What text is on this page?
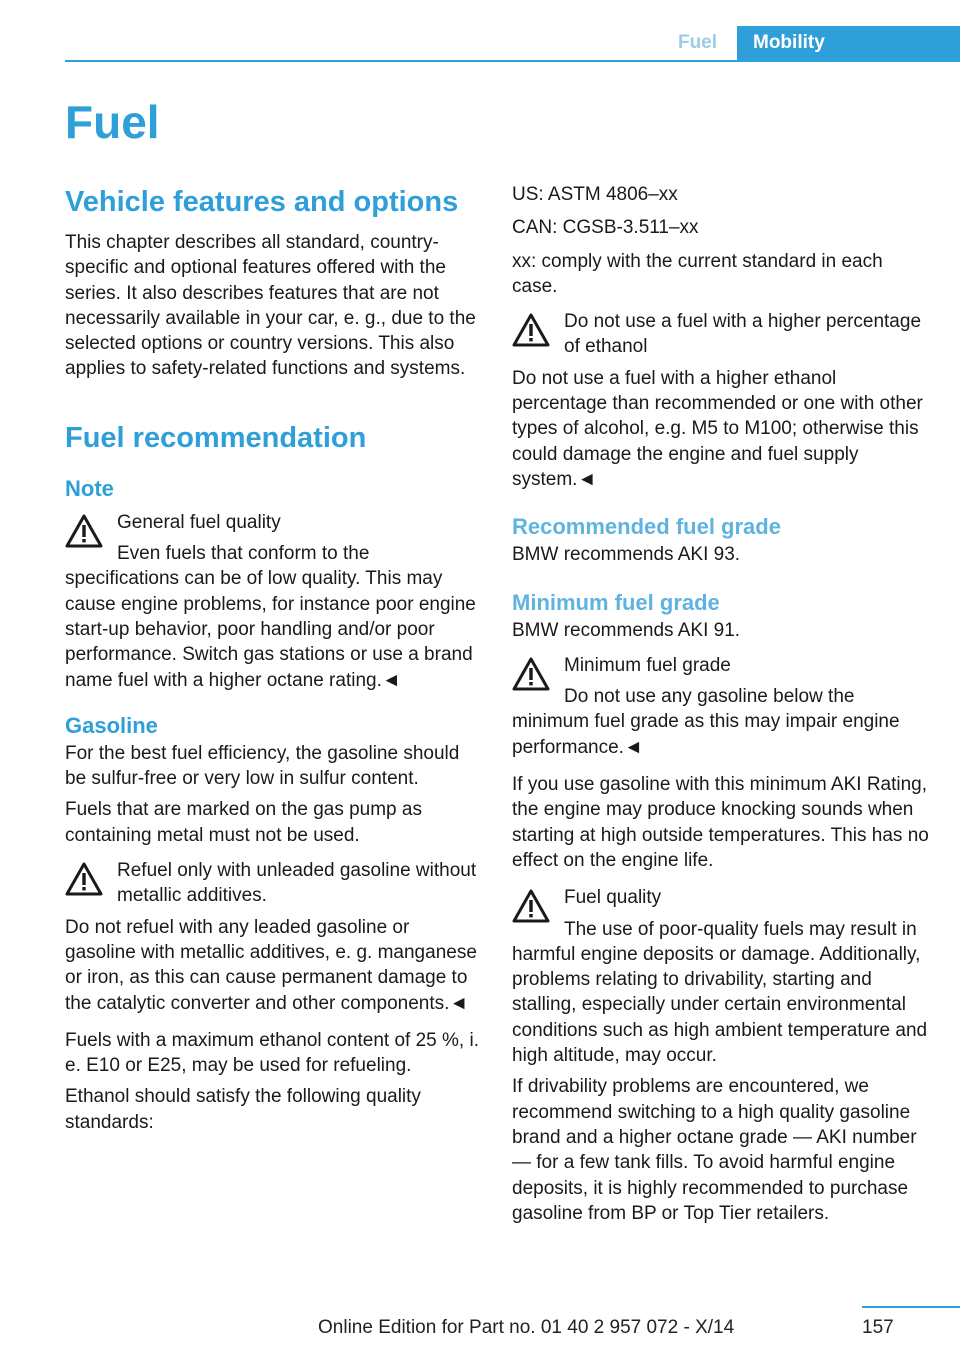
Fuel	Mobility
Fuel
Vehicle features and options

This chapter describes all standard, country-specific and optional features offered with the series. It also describes features that are not necessarily available in your car, e. g., due to the selected options or country versions. This also applies to safety-related functions and systems.

Fuel recommendation
Note

General fuel quality

Even fuels that conform to the specifications can be of low quality. This may cause engine problems, for instance poor engine start-up behavior, poor handling and/or poor performance. Switch gas stations or use a brand name fuel with a higher octane rating.◄

Gasoline

For the best fuel efficiency, the gasoline should be sulfur-free or very low in sulfur content.

Fuels that are marked on the gas pump as containing metal must not be used.

Refuel only with unleaded gasoline without metallic additives.

Do not refuel with any leaded gasoline or gasoline with metallic additives, e. g. manganese or iron, as this can cause permanent damage to the catalytic converter and other components.◄

Fuels with a maximum ethanol content of 25 %, i. e. E10 or E25, may be used for refueling.

Ethanol should satisfy the following quality standards:

US: ASTM 4806–xx

CAN: CGSB-3.511–xx

xx: comply with the current standard in each case.

Do not use a fuel with a higher percentage of ethanol

Do not use a fuel with a higher ethanol percentage than recommended or one with other types of alcohol, e.g. M5 to M100; otherwise this could damage the engine and fuel supply system.◄

Recommended fuel grade

BMW recommends AKI 93.

Minimum fuel grade

BMW recommends AKI 91.

Minimum fuel grade

Do not use any gasoline below the minimum fuel grade as this may impair engine performance.◄

If you use gasoline with this minimum AKI Rating, the engine may produce knocking sounds when starting at high outside temperatures. This has no effect on the engine life.

Fuel quality

The use of poor-quality fuels may result in harmful engine deposits or damage. Additionally, problems relating to drivability, starting and stalling, especially under certain environmental conditions such as high ambient temperature and high altitude, may occur.

If drivability problems are encountered, we recommend switching to a high quality gasoline brand and a higher octane grade — AKI number — for a few tank fills. To avoid harmful engine deposits, it is highly recommended to purchase gasoline from BP or Top Tier retailers.

157
Online Edition for Part no. 01 40 2 957 072 - X/14
